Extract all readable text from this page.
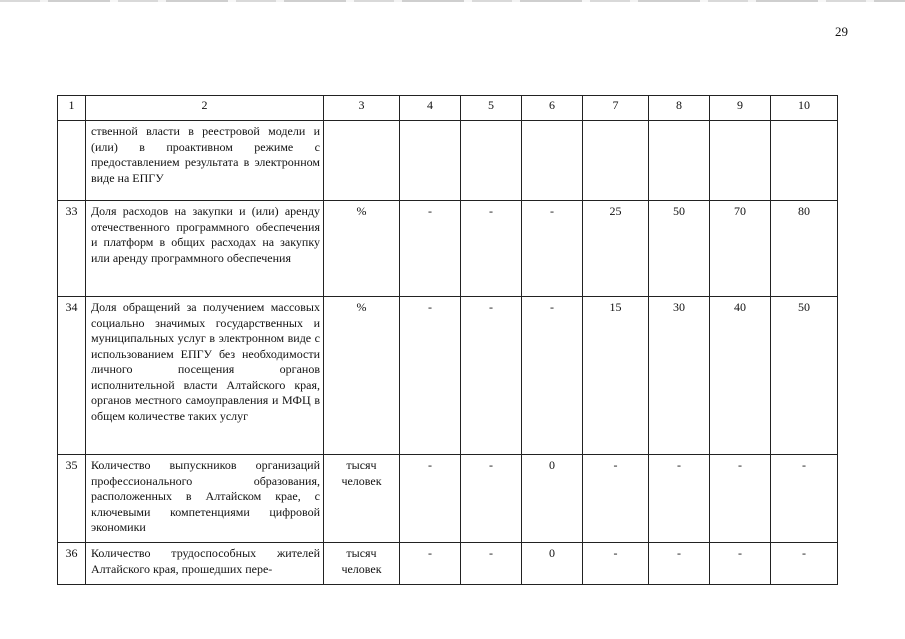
29
1	2	3	4	5	6	7	8	9	10
	ственной власти в реестровой модели и (или) в проактивном режиме с предоставлением результата в электронном виде на ЕПГУ								
33	Доля расходов на закупки и (или) аренду отечественного программного обеспечения и платформ в общих расходах на закупку или аренду программного обеспечения	%	-	-	-	25	50	70	80
34	Доля обращений за получением массовых социально значимых государственных и муниципальных услуг в электронном виде с использованием ЕПГУ без необходимости личного посещения органов исполнительной власти Алтайского края, органов местного самоуправления и МФЦ в общем количестве таких услуг	%	-	-	-	15	30	40	50
35	Количество выпускников организаций профессионального образования, расположенных в Алтайском крае, с ключевыми компетенциями цифровой экономики	тысяч человек	-	-	0	-	-	-	-
36	Количество трудоспособных жителей Алтайского края, прошедших пере-	тысяч человек	-	-	0	-	-	-	-
